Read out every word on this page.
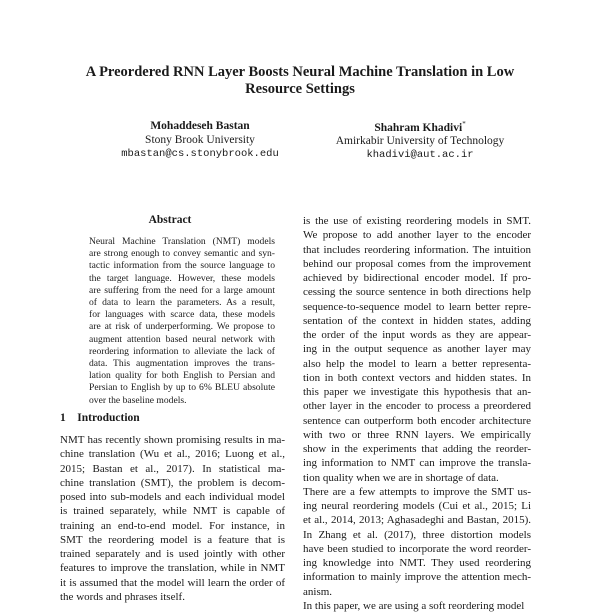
A Preordered RNN Layer Boosts Neural Machine Translation in Low
Resource Settings
Mohaddeseh Bastan
Stony Brook University
mbastan@cs.stonybrook.edu
Shahram Khadivi*
Amirkabir University of Technology
khadivi@aut.ac.ir
Abstract
Neural Machine Translation (NMT) models
are strong enough to convey semantic and syn-
tactic information from the source language to
the target language. However, these models
are suffering from the need for a large amount
of data to learn the parameters. As a result,
for languages with scarce data, these models
are at risk of underperforming. We propose to
augment attention based neural network with
reordering information to alleviate the lack of
data. This augmentation improves the trans-
lation quality for both English to Persian and
Persian to English by up to 6% BLEU absolute
over the baseline models.
1 Introduction
NMT has recently shown promising results in ma-
chine translation (Wu et al., 2016; Luong et al.,
2015; Bastan et al., 2017). In statistical ma-
chine translation (SMT), the problem is decom-
posed into sub-models and each individual model
is trained separately, while NMT is capable of
training an end-to-end model. For instance, in
SMT the reordering model is a feature that is
trained separately and is used jointly with other
features to improve the translation, while in NMT
it is assumed that the model will learn the order of
the words and phrases itself.
is the use of existing reordering models in SMT.
We propose to add another layer to the encoder
that includes reordering information. The intuition
behind our proposal comes from the improvement
achieved by bidirectional encoder model. If pro-
cessing the source sentence in both directions help
sequence-to-sequence model to learn better repre-
sentation of the context in hidden states, adding
the order of the input words as they are appear-
ing in the output sequence as another layer may
also help the model to learn a better representa-
tion in both context vectors and hidden states. In
this paper we investigate this hypothesis that an-
other layer in the encoder to process a preordered
sentence can outperform both encoder architecture
with two or three RNN layers. We empirically
show in the experiments that adding the reorder-
ing information to NMT can improve the transla-
tion quality when we are in shortage of data.
There are a few attempts to improve the SMT us-
ing neural reordering models (Cui et al., 2015; Li
et al., 2014, 2013; Aghasadeghi and Bastan, 2015).
In Zhang et al. (2017), three distortion models
have been studied to incorporate the word reorder-
ing knowledge into NMT. They used reordering
information to mainly improve the attention mech-
anism.
In this paper, we are using a soft reordering model
